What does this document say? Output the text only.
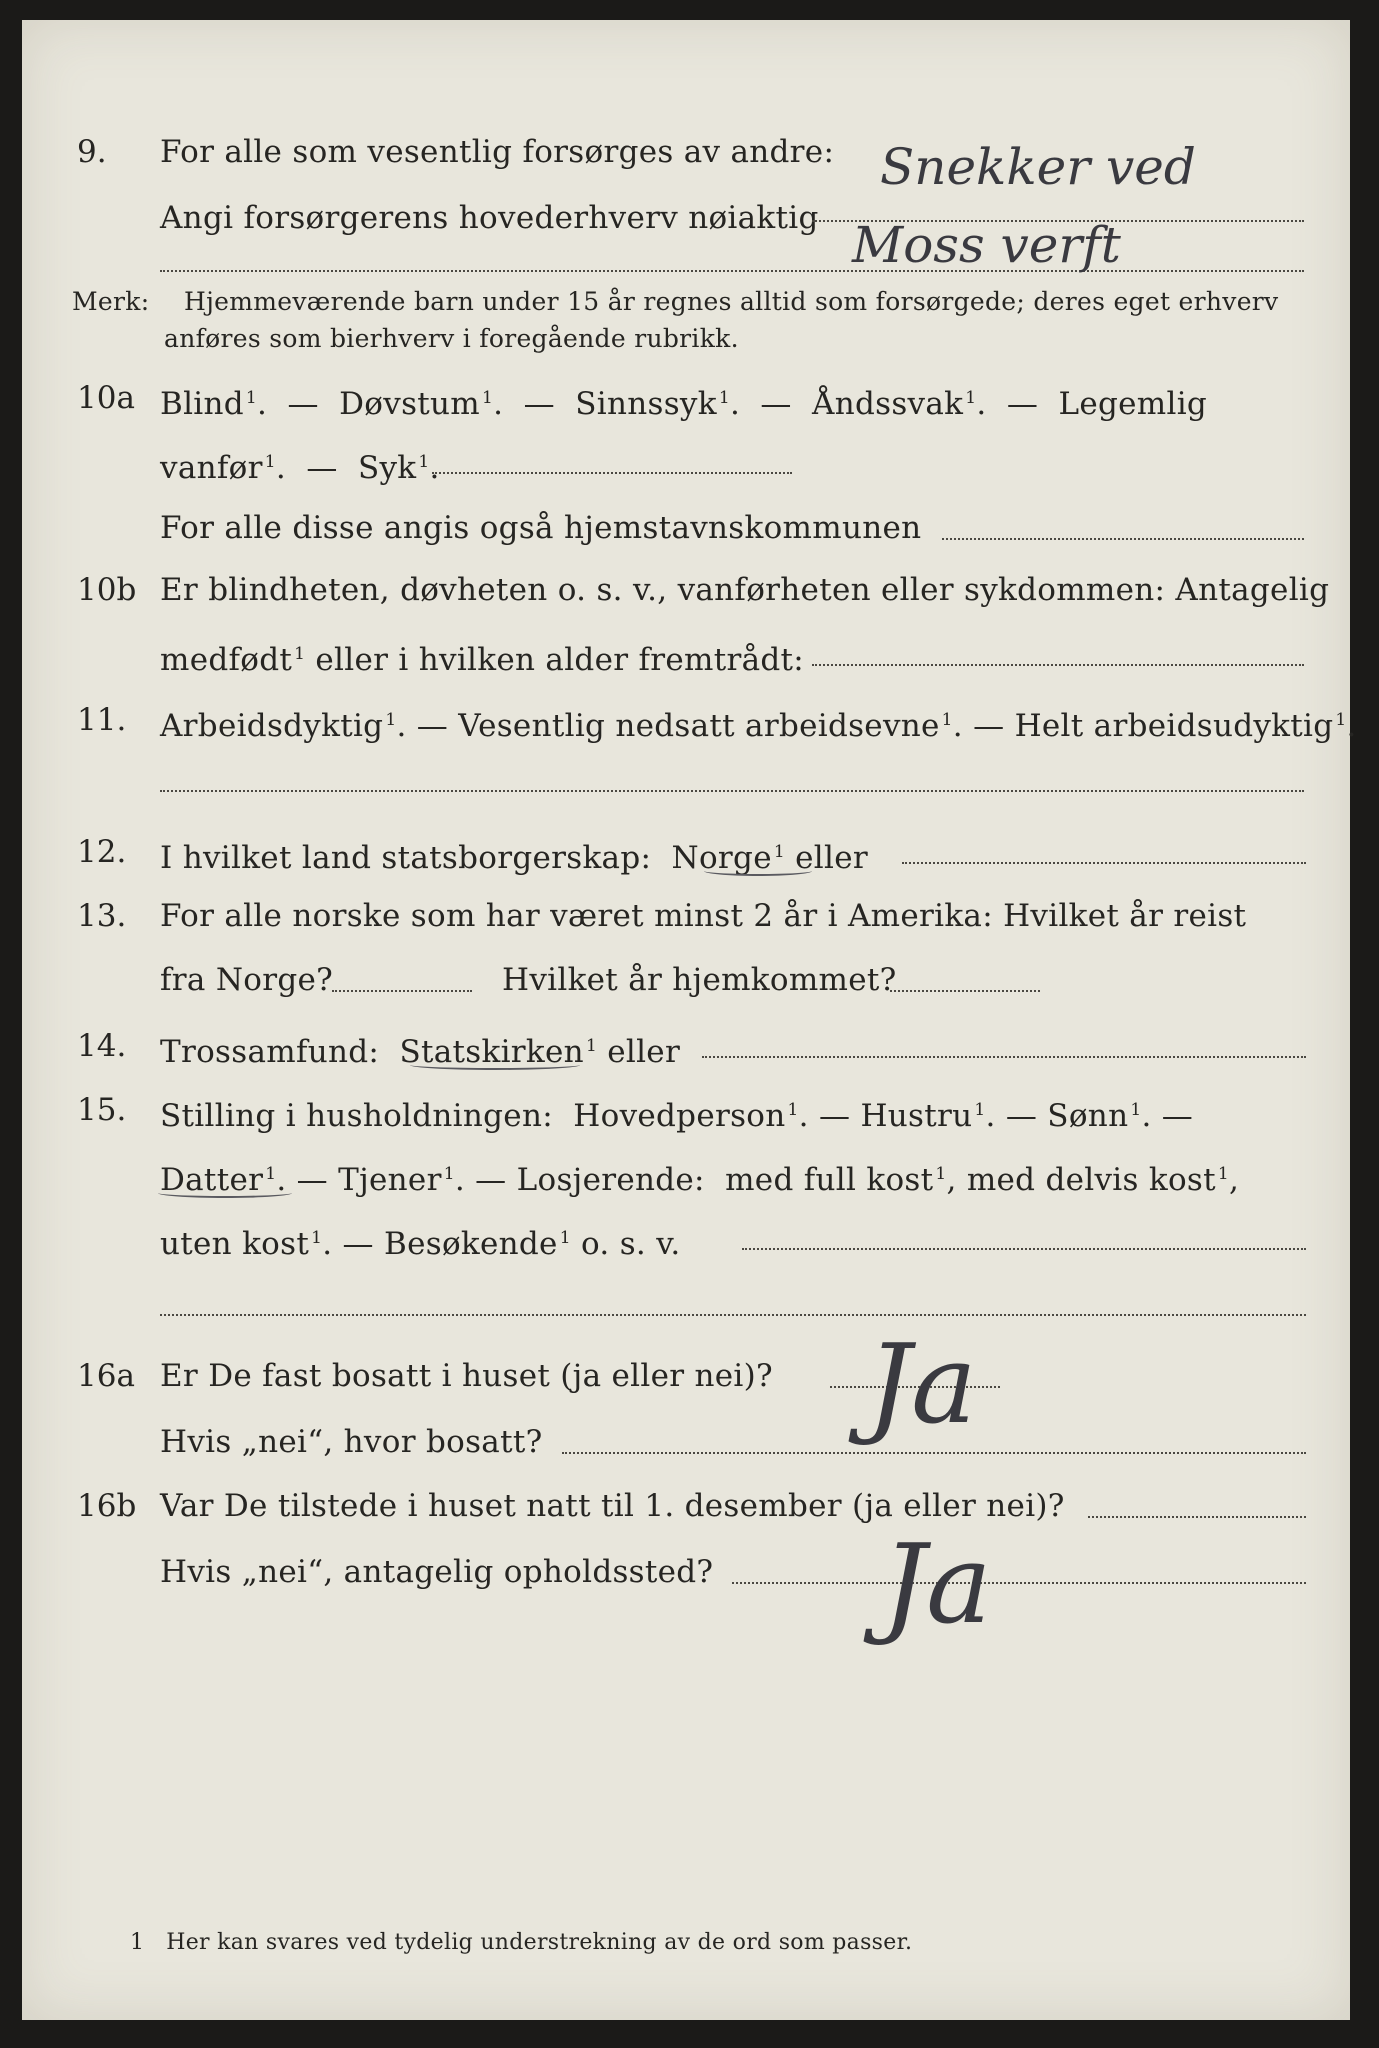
9. For alle som vesentlig forsørges av andre:
Angi forsørgerens hovederhverv nøiaktig
Snekker ved
Moss verft
Merk: Hjemmeværende barn under 15 år regnes alltid som forsørgede; deres eget erhverv
anføres som bierhverv i foregående rubrikk.
10a Blind $^1$. — Døvstum $^1$. — Sinnssyk $^1$. — Åndssvak $^1$. — Legemlig
vanfør $^1$. — Syk $^1$.
For alle disse angis også hjemstavnskommunen
10b Er blindheten, døvheten o. s. v., vanførheten eller sykdommen: Antagelig
medfødt $^1$ eller i hvilken alder fremtrådt:
11. Arbeidsdyktig $^1$. — Vesentlig nedsatt arbeidsevne $^1$. — Helt arbeidsudyktig $^1$.
12. I hvilket land statsborgerskap: Norge $^1$ eller
13. For alle norske som har været minst 2 år i Amerika: Hvilket år reist
fra Norge?	Hvilket år hjemkommet?
14. Trossamfund: Statskirken $^1$ eller
15. Stilling i husholdningen: Hovedperson $^1$. — Hustru $^1$. — Sønn $^1$. —
Datter $^1$. — Tjener $^1$. — Losjerende: med full kost $^1$, med delvis kost $^1$,
uten kost $^1$. — Besøkende $^1$ o. s. v.
16a Er De fast bosatt i huset (ja eller nei)?
Hvis „nei“, hvor bosatt?	Ja
16b Var De tilstede i huset natt til 1. desember (ja eller nei)?
Hvis „nei“, antagelig opholdssted? Ja
1 Her kan svares ved tydelig understrekning av de ord som passer.
